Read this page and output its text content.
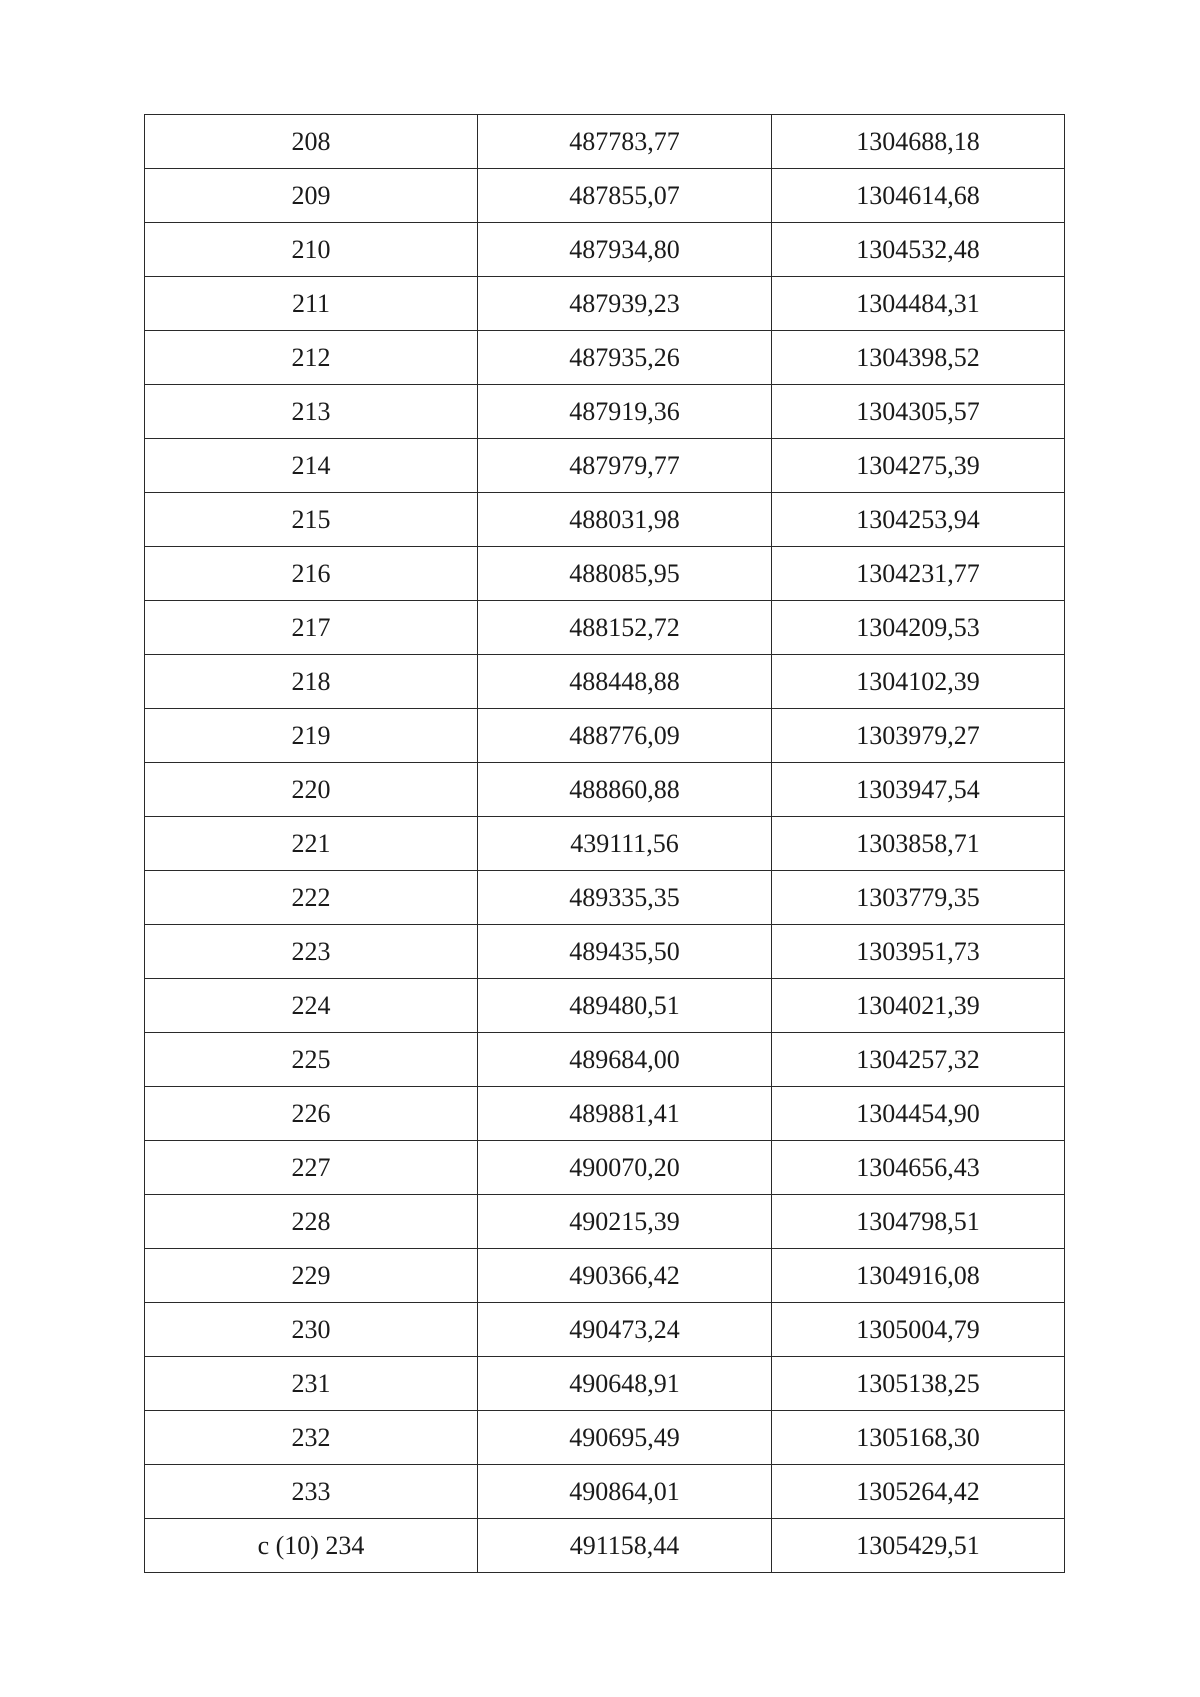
208	487783,77	1304688,18
209	487855,07	1304614,68
210	487934,80	1304532,48
211	487939,23	1304484,31
212	487935,26	1304398,52
213	487919,36	1304305,57
214	487979,77	1304275,39
215	488031,98	1304253,94
216	488085,95	1304231,77
217	488152,72	1304209,53
218	488448,88	1304102,39
219	488776,09	1303979,27
220	488860,88	1303947,54
221	439111,56	1303858,71
222	489335,35	1303779,35
223	489435,50	1303951,73
224	489480,51	1304021,39
225	489684,00	1304257,32
226	489881,41	1304454,90
227	490070,20	1304656,43
228	490215,39	1304798,51
229	490366,42	1304916,08
230	490473,24	1305004,79
231	490648,91	1305138,25
232	490695,49	1305168,30
233	490864,01	1305264,42
с (10) 234	491158,44	1305429,51
